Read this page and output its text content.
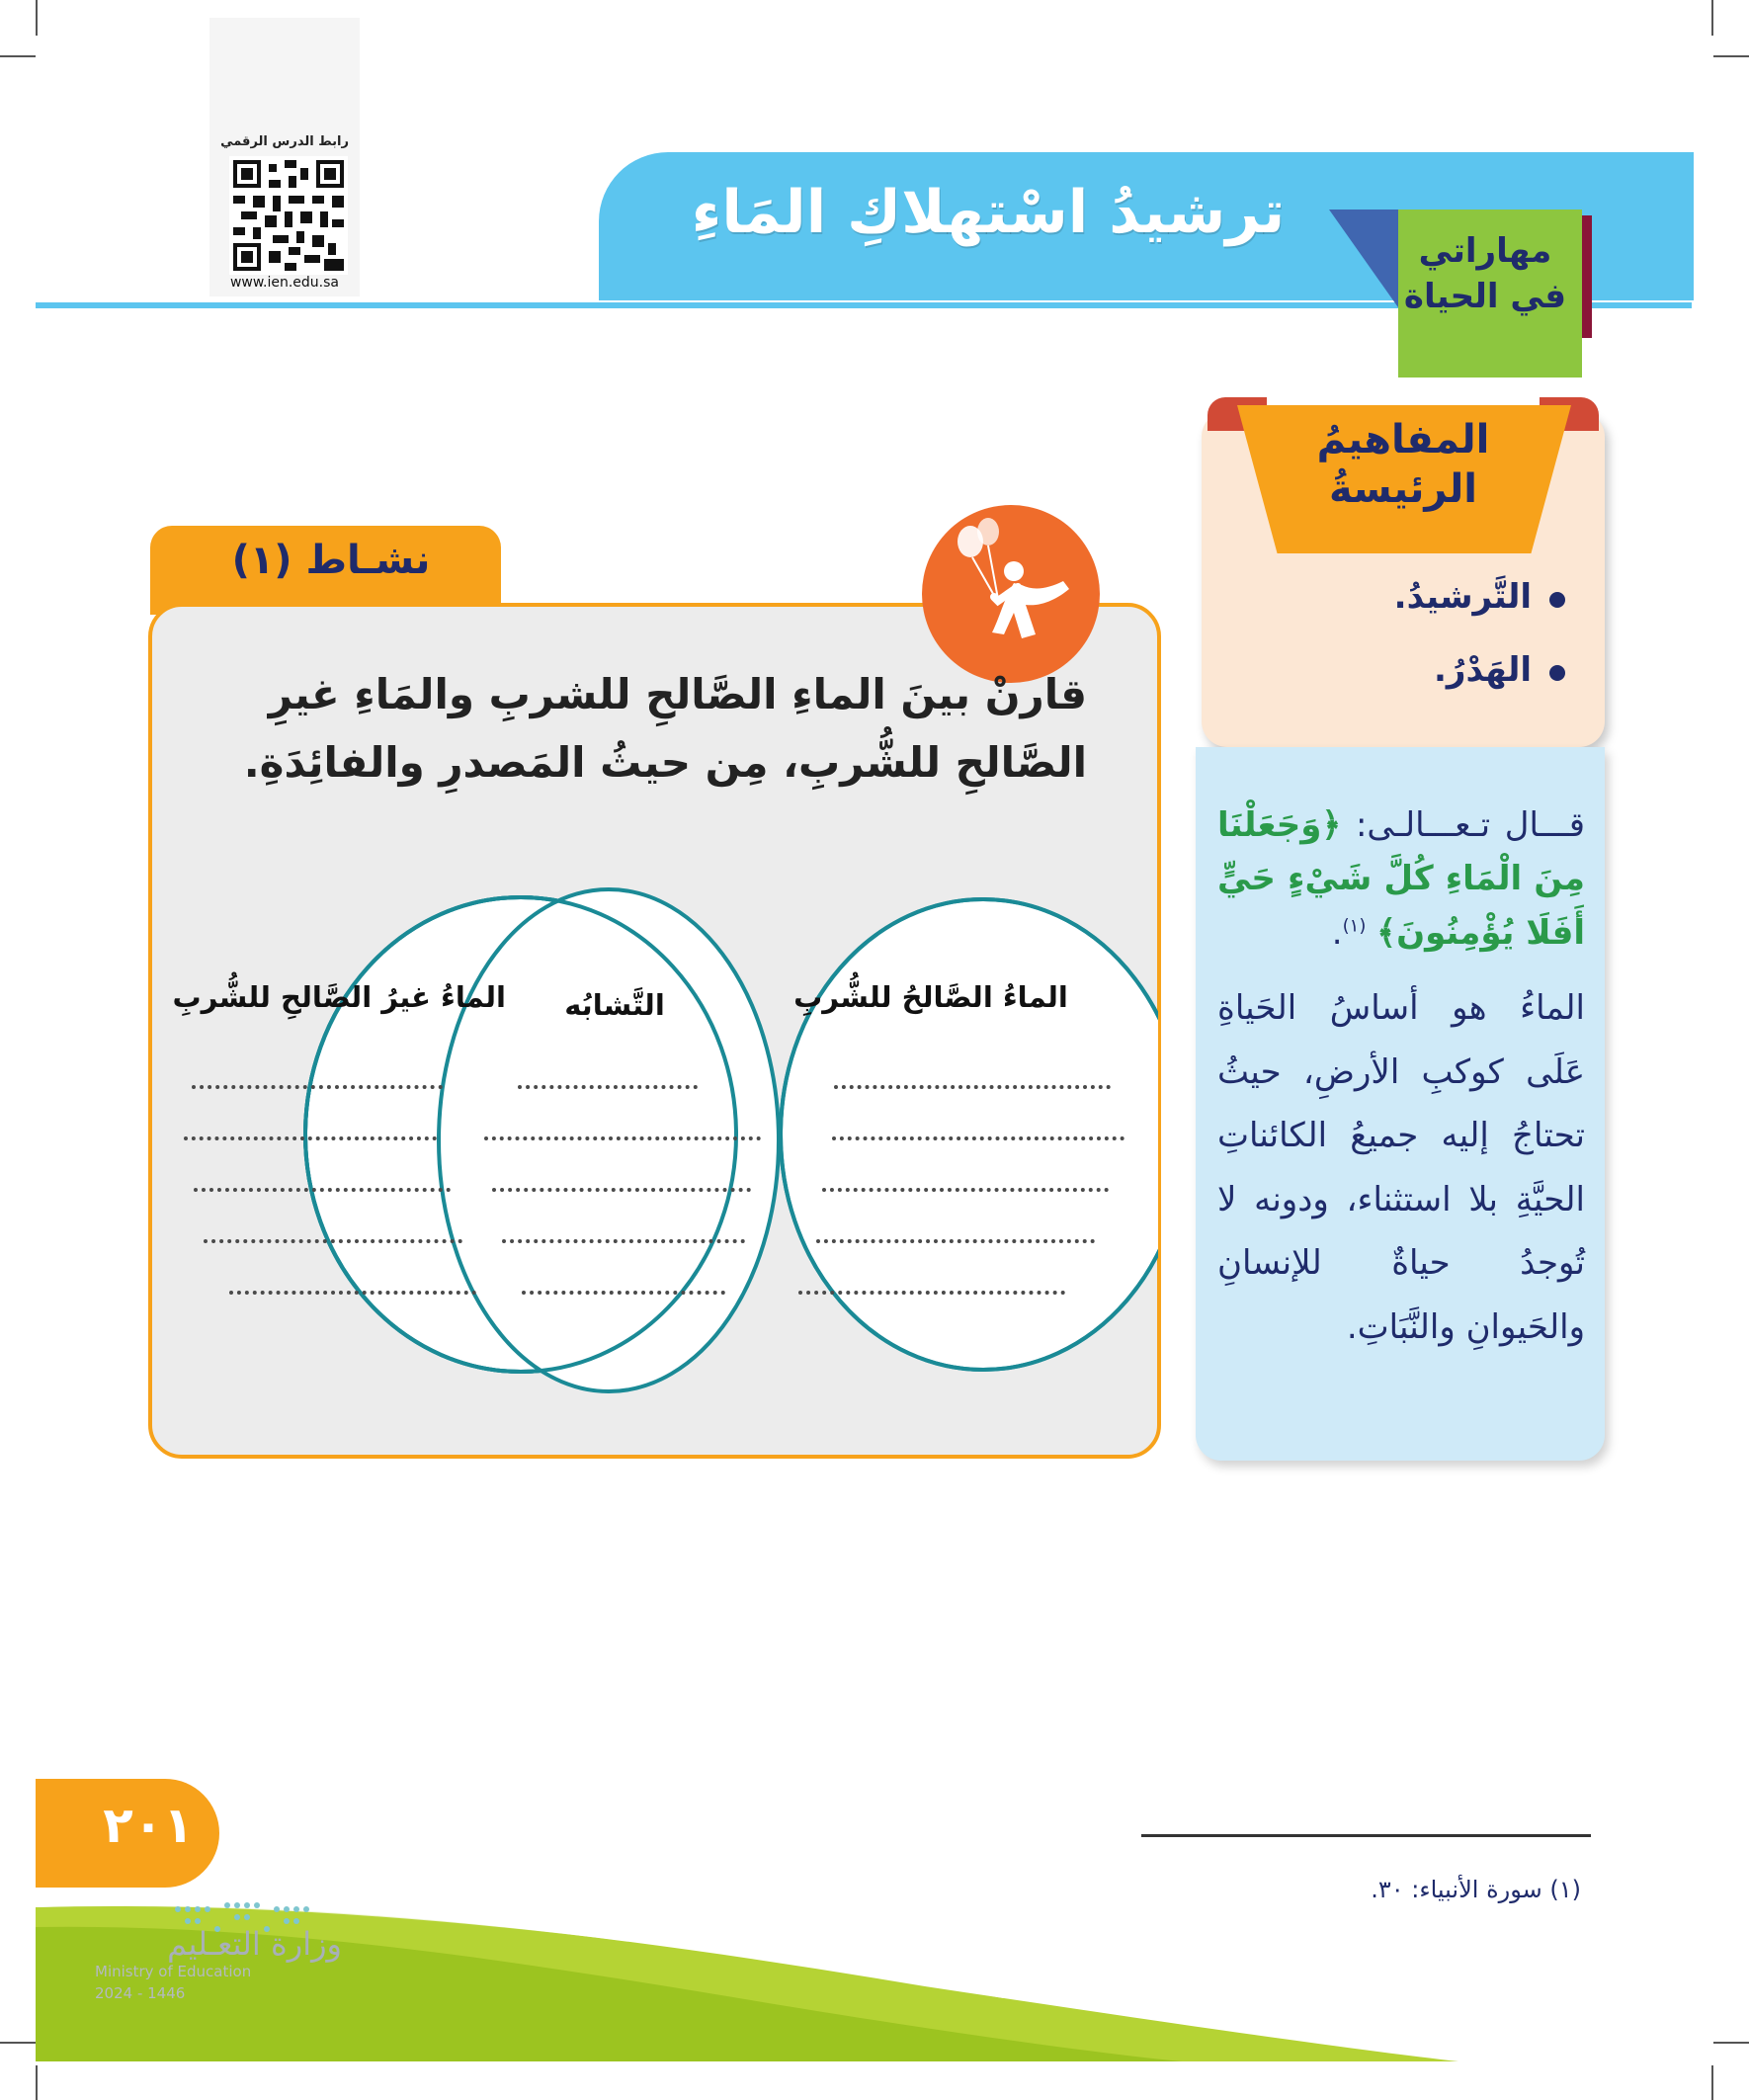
رابط الدرس الرقمي
www.ien.edu.sa
ترشيدُ اسْتهلاكِ المَاءِ
مهاراتي
في الحياة
المفاهيمُ
الرئيسةُ
التَّرشيدُ.
الهَدْرُ.
قـــال تـعـــالـى: ﴿وَجَعَلْنَا مِنَ الْمَاءِ كُلَّ شَيْءٍ حَيٍّ أَفَلَا يُؤْمِنُونَ﴾ $^{(١)}$.
الماءُ هو أساسُ الحَياةِ عَلَى كوكبِ الأرضِ، حيثُ تحتاجُ إليه جميعُ الكائناتِ الحيَّةِ بلا استثناء، ودونه لا تُوجدُ حياةٌ للإنسانِ والحَيوانِ والنَّبَاتِ.
نشـاط (١)
قارنْ بينَ الماءِ الصَّالحِ للشربِ والمَاءِ غيرِ الصَّالحِ للشُّربِ، مِن حيثُ المَصدرِ والفائِدَةِ.
الماءُ الصَّالحُ للشُّربِ
التَّشابُه
الماءُ غيرُ الصَّالحِ للشُّربِ
٢٠١
(١) سورة الأنبياء: ٣٠.
وزارة التعـليم
Ministry of Education
2024 - 1446
